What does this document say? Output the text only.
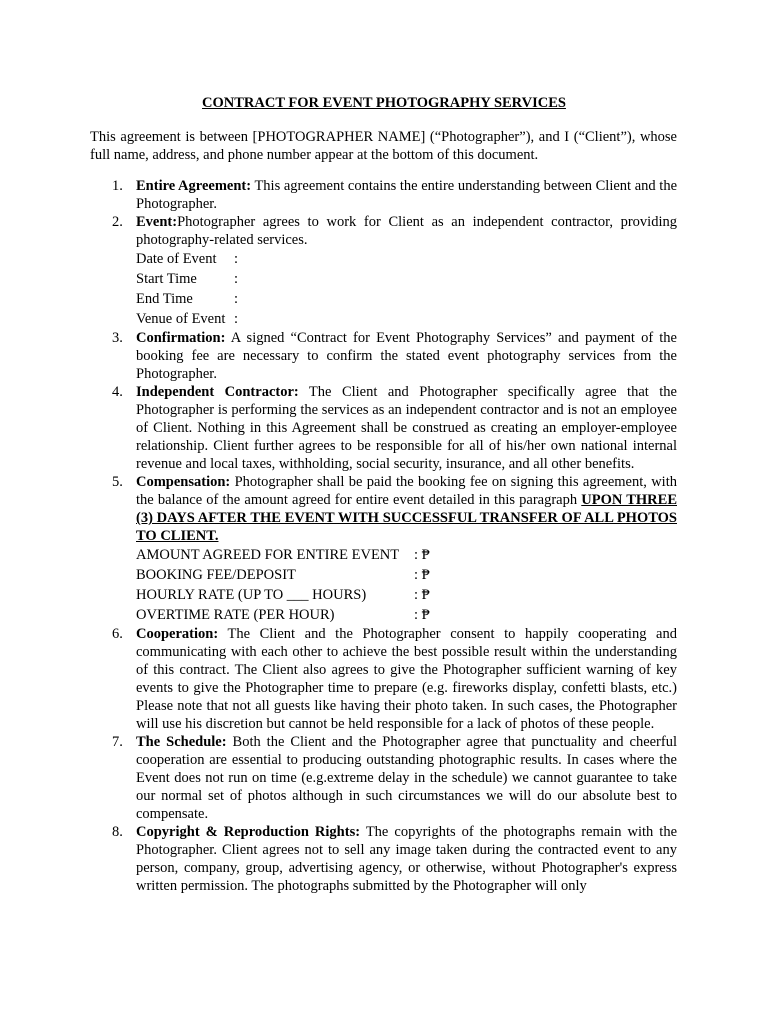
CONTRACT FOR EVENT PHOTOGRAPHY SERVICES
This agreement is between [PHOTOGRAPHER NAME] (“Photographer”), and I (“Client”), whose full name, address, and phone number appear at the bottom of this document.
1. Entire Agreement: This agreement contains the entire understanding between Client and the Photographer.
2. Event:Photographer agrees to work for Client as an independent contractor, providing photography-related services.
Date of Event :
Start Time	:
End Time	:
Venue of Event :
3. Confirmation: A signed “Contract for Event Photography Services” and payment of the booking fee are necessary to confirm the stated event photography services from the Photographer.
4. Independent Contractor: The Client and Photographer specifically agree that the Photographer is performing the services as an independent contractor and is not an employee of Client. Nothing in this Agreement shall be construed as creating an employer-employee relationship. Client further agrees to be responsible for all of his/her own national internal revenue and local taxes, withholding, social security, insurance, and all other benefits.
5. Compensation: Photographer shall be paid the booking fee on signing this agreement, with the balance of the amount agreed for entire event detailed in this paragraph UPON THREE (3) DAYS AFTER THE EVENT WITH SUCCESSFUL TRANSFER OF ALL PHOTOS TO CLIENT.
AMOUNT AGREED FOR ENTIRE EVENT : ₱
BOOKING FEE/DEPOSIT	: ₱
HOURLY RATE (UP TO ___ HOURS)	: ₱
OVERTIME RATE (PER HOUR)	: ₱
6. Cooperation: The Client and the Photographer consent to happily cooperating and communicating with each other to achieve the best possible result within the understanding of this contract. The Client also agrees to give the Photographer sufficient warning of key events to give the Photographer time to prepare (e.g. fireworks display, confetti blasts, etc.) Please note that not all guests like having their photo taken. In such cases, the Photographer will use his discretion but cannot be held responsible for a lack of photos of these people.
7. The Schedule: Both the Client and the Photographer agree that punctuality and cheerful cooperation are essential to producing outstanding photographic results. In cases where the Event does not run on time (e.g.extreme delay in the schedule) we cannot guarantee to take our normal set of photos although in such circumstances we will do our absolute best to compensate.
8. Copyright & Reproduction Rights: The copyrights of the photographs remain with the Photographer. Client agrees not to sell any image taken during the contracted event to any person, company, group, advertising agency, or otherwise, without Photographer's express written permission. The photographs submitted by the Photographer will only
